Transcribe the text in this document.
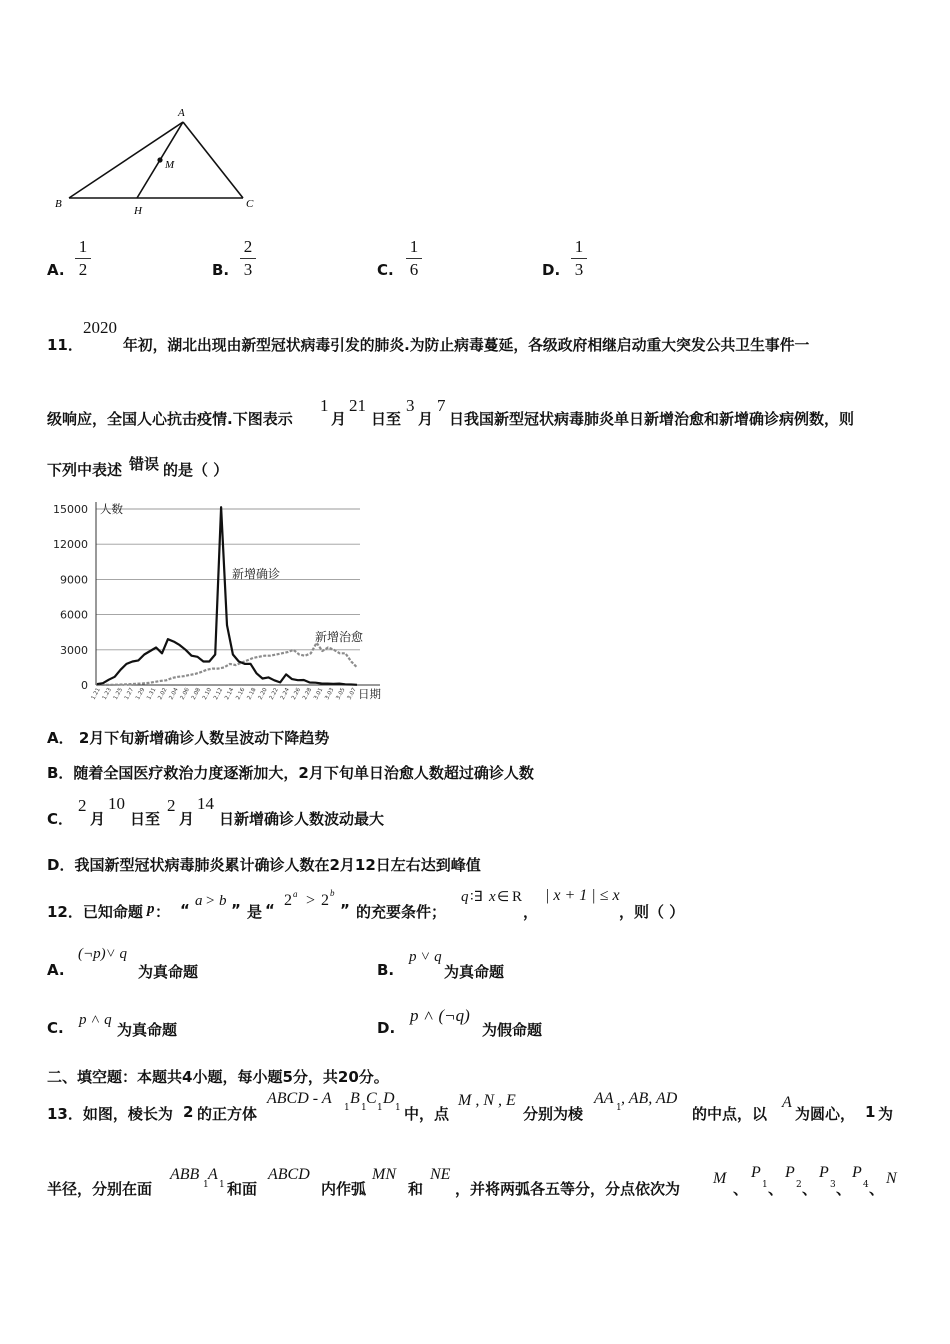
A
B	C
H
M
A.
1
2	B.
2
3	C.
1
6	D.
1
3
11．
2020
年初，湖北出现由新型冠状病毒引发的肺炎.为防止病毒蔓延，各级政府相继启动重大突发公共卫生事件一
级响应，全国人心抗击疫情.下图表示
1
月
21
日至
3
月
7
日我国新型冠状病毒肺炎单日新增治愈和新增确诊病例数，则
下列中表述 错误 的是（ ）
15000
12000
9000
6000
3000
0
人数
日期
1.21 1.23 1.25 1.27 1.29 1.31 2.02 2.04 2.06 2.08 2.10 2.12 2.14 2.16 2.18 2.20 2.22 2.24 2.26 2.28 3.01 3.03 3.05 3.07
新增确诊
新增治愈
A． 2月下旬新增确诊人数呈波动下降趋势
B．随着全国医疗救治力度逐渐加大，2月下旬单日治愈人数超过确诊人数
C．
2
月
10
日至
2
月
14
日新增确诊人数波动最大
D．我国新型冠状病毒肺炎累计确诊人数在2月12日左右达到峰值
12．已知命题 p ： “ a > b ” 是 “
2 a > 2 b
” 的充要条件；
q ∶∃ x ∈ R
，
| x + 1 | ≤ x
，则（ ）
A.
(¬p)˅ q
为真命题	B.
p ˅ q
为真命题
C. p ˄ q
为真命题	D.
p ˄ (¬q)
为假命题
二、填空题：本题共4小题，每小题5分，共20分。
13．如图，棱长为 2 的正方体
ABCD - A
1
B
1
C
1
D
1 中，点
M , N , E
分别为棱
AA
1
, AB, AD
的中点，以
A
为圆心， 1 为
半径，分别在面
ABB
1
A
1 和面
ABCD
内作弧
MN
和
NE
，并将两弧各五等分，分点依次为
M
、
P
1 、
P
2 、
P
3 、
P
4 、
N
